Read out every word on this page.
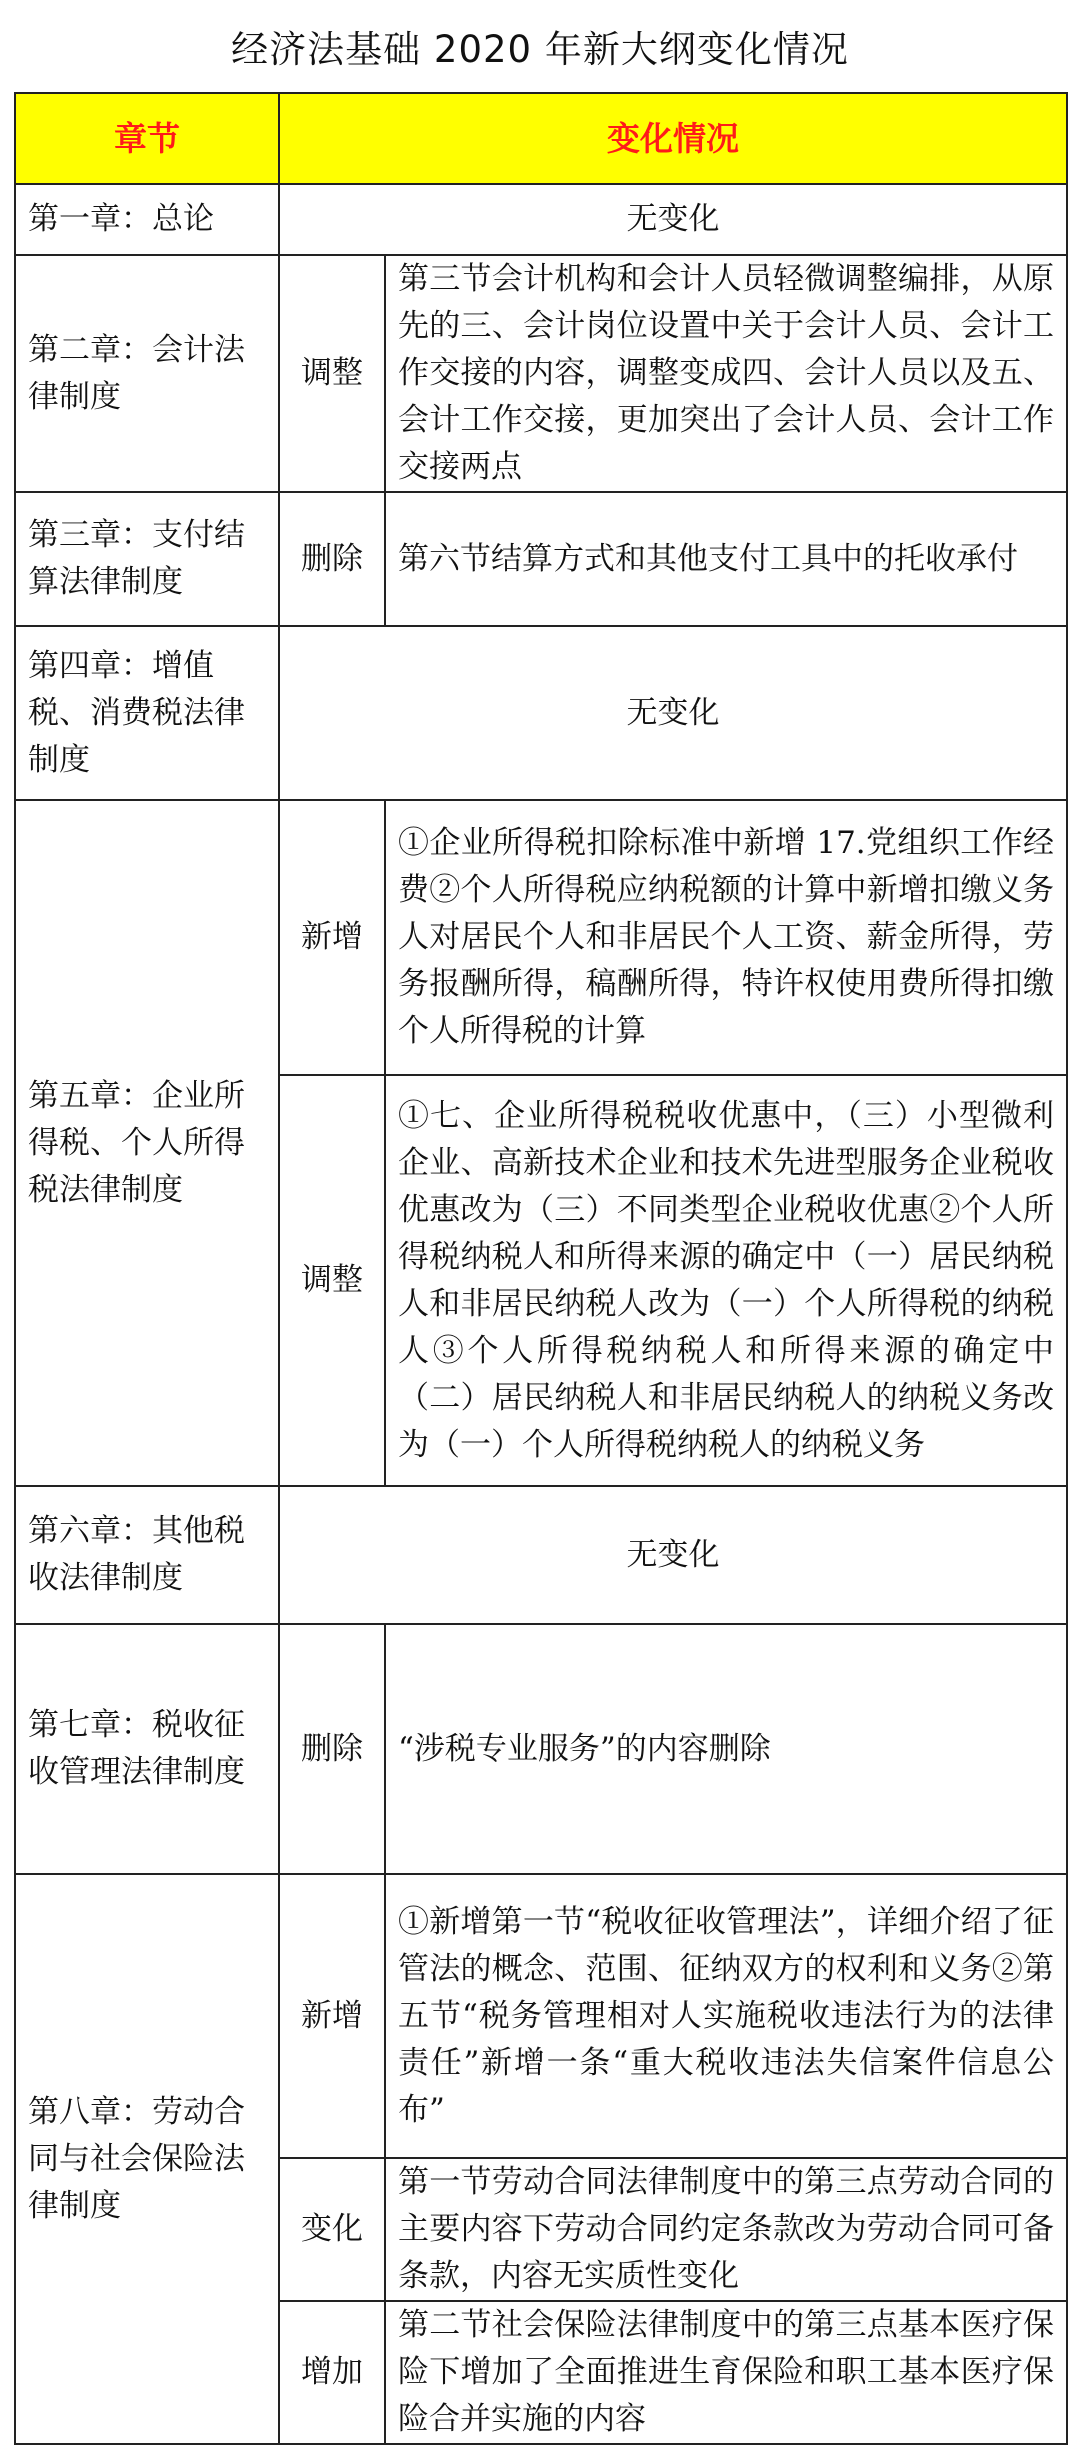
经济法基础 2020 年新大纲变化情况
章节	变化情况	
第一章：总论	无变化	
第二章：会计法律制度	调整	第三节会计机构和会计人员轻微调整编排，从原先的三、会计岗位设置中关于会计人员、会计工作交接的内容，调整变成四、会计人员以及五、会计工作交接，更加突出了会计人员、会计工作交接两点
第三章：支付结算法律制度	删除	第六节结算方式和其他支付工具中的托收承付
第四章：增值税、消费税法律制度	无变化	
第五章：企业所得税、个人所得税法律制度	新增	①企业所得税扣除标准中新增 17.党组织工作经费②个人所得税应纳税额的计算中新增扣缴义务人对居民个人和非居民个人工资、薪金所得，劳务报酬所得，稿酬所得，特许权使用费所得扣缴个人所得税的计算
	调整	①七、企业所得税税收优惠中，（三）小型微利企业、高新技术企业和技术先进型服务企业税收优惠改为（三）不同类型企业税收优惠②个人所得税纳税人和所得来源的确定中（一）居民纳税人和非居民纳税人改为（一）个人所得税的纳税人③个人所得税纳税人和所得来源的确定中（二）居民纳税人和非居民纳税人的纳税义务改为（一）个人所得税纳税人的纳税义务
第六章：其他税收法律制度	无变化	
第七章：税收征收管理法律制度	删除	“涉税专业服务”的内容删除
第八章：劳动合同与社会保险法律制度	新增	①新增第一节“税收征收管理法”，详细介绍了征管法的概念、范围、征纳双方的权利和义务②第五节“税务管理相对人实施税收违法行为的法律责任”新增一条“重大税收违法失信案件信息公布”
	变化	第一节劳动合同法律制度中的第三点劳动合同的主要内容下劳动合同约定条款改为劳动合同可备条款，内容无实质性变化
	增加	第二节社会保险法律制度中的第三点基本医疗保险下增加了全面推进生育保险和职工基本医疗保险合并实施的内容
